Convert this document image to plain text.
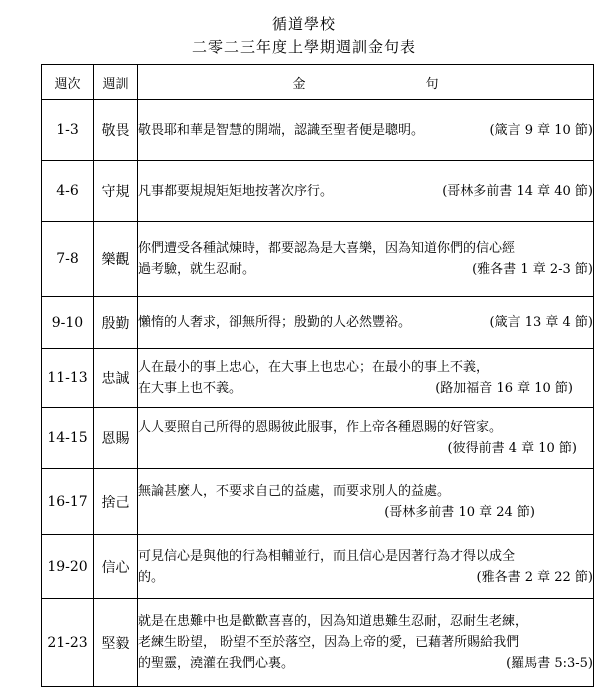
循道學校
二零二三年度上學期週訓金句表
週次	週訓	金 句

1-3	敬畏	敬畏耶和華是智慧的開端，認識至聖者便是聰明。 (箴言 9 章 10 節)

4-6	守規	凡事都要規規矩矩地按著次序行。 (哥林多前書 14 章 40 節)

7-8	樂觀	你們遭受各種試煉時，都要認為是大喜樂，因為知道你們的信心經
過考驗，就生忍耐。 (雅各書 1 章 2-3 節)

9-10	殷勤	懶惰的人奢求，卻無所得；殷勤的人必然豐裕。 (箴言 13 章 4 節)

11-13	忠誠	人在最小的事上忠心，在大事上也忠心；在最小的事上不義，
在大事上也不義。 (路加福音 16 章 10 節)

14-15	恩賜	人人要照自己所得的恩賜彼此服事，作上帝各種恩賜的好管家。
(彼得前書 4 章 10 節)

16-17	捨己	無論甚麼人，不要求自己的益處，而要求別人的益處。
(哥林多前書 10 章 24 節)

19-20	信心	可見信心是與他的行為相輔並行，而且信心是因著行為才得以成全
的。 (雅各書 2 章 22 節)

21-23	堅毅	就是在患難中也是歡歡喜喜的，因為知道患難生忍耐，忍耐生老練，
老練生盼望， 盼望不至於落空，因為上帝的愛，已藉著所賜給我們
的聖靈，澆灌在我們心裏。 (羅馬書 5:3-5)
